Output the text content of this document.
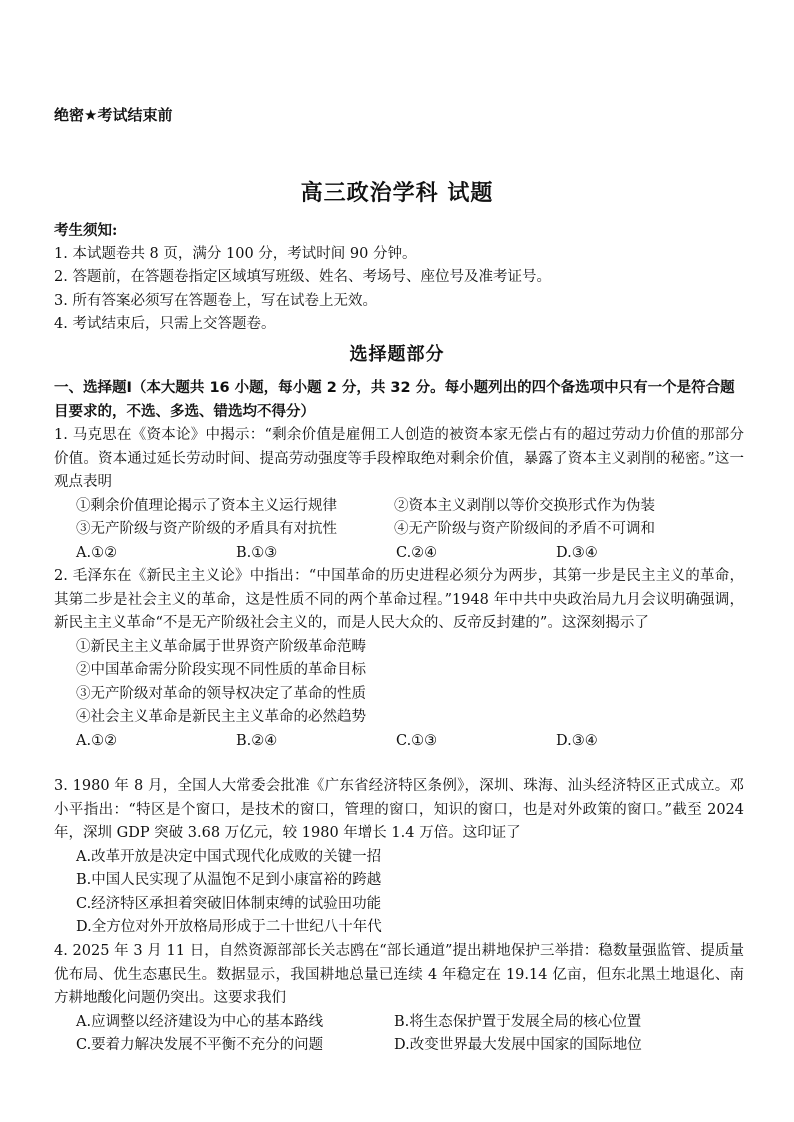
绝密★考试结束前
高三政治学科 试题
考生须知:
1. 本试题卷共 8 页，满分 100 分，考试时间 90 分钟。
2. 答题前，在答题卷指定区域填写班级、姓名、考场号、座位号及准考证号。
3. 所有答案必须写在答题卷上，写在试卷上无效。
4. 考试结束后，只需上交答题卷。
选择题部分
一、选择题Ⅰ（本大题共 16 小题，每小题 2 分，共 32 分。每小题列出的四个备选项中只有一个是符合题目要求的，不选、多选、错选均不得分）

1. 马克思在《资本论》中揭示：“剩余价值是雇佣工人创造的被资本家无偿占有的超过劳动力价值的那部分价值。资本通过延长劳动时间、提高劳动强度等手段榨取绝对剩余价值，暴露了资本主义剥削的秘密。”这一观点表明

①剩余价值理论揭示了资本主义运行规律	②资本主义剥削以等价交换形式作为伪装
③无产阶级与资产阶级的矛盾具有对抗性	④无产阶级与资产阶级间的矛盾不可调和
A.①②	B.①③	C.②④	D.③④

2. 毛泽东在《新民主主义论》中指出：“中国革命的历史进程必须分为两步，其第一步是民主主义的革命，其第二步是社会主义的革命，这是性质不同的两个革命过程。”1948 年中共中央政治局九月会议明确强调，新民主主义革命“不是无产阶级社会主义的，而是人民大众的、反帝反封建的”。这深刻揭示了

①新民主主义革命属于世界资产阶级革命范畴

②中国革命需分阶段实现不同性质的革命目标

③无产阶级对革命的领导权决定了革命的性质

④社会主义革命是新民主主义革命的必然趋势

A.①②	B.②④	C.①③	D.③④

3. 1980 年 8 月，全国人大常委会批准《广东省经济特区条例》，深圳、珠海、汕头经济特区正式成立。邓小平指出：“特区是个窗口，是技术的窗口，管理的窗口，知识的窗口，也是对外政策的窗口。”截至 2024 年，深圳 GDP 突破 3.68 万亿元，较 1980 年增长 1.4 万倍。这印证了

A.改革开放是决定中国式现代化成败的关键一招

B.中国人民实现了从温饱不足到小康富裕的跨越

C.经济特区承担着突破旧体制束缚的试验田功能

D.全方位对外开放格局形成于二十世纪八十年代

4. 2025 年 3 月 11 日，自然资源部部长关志鸥在“部长通道”提出耕地保护三举措：稳数量强监管、提质量优布局、优生态惠民生。数据显示，我国耕地总量已连续 4 年稳定在 19.14 亿亩，但东北黑土地退化、南方耕地酸化问题仍突出。这要求我们

A.应调整以经济建设为中心的基本路线	B.将生态保护置于发展全局的核心位置
C.要着力解决发展不平衡不充分的问题	D.改变世界最大发展中国家的国际地位
